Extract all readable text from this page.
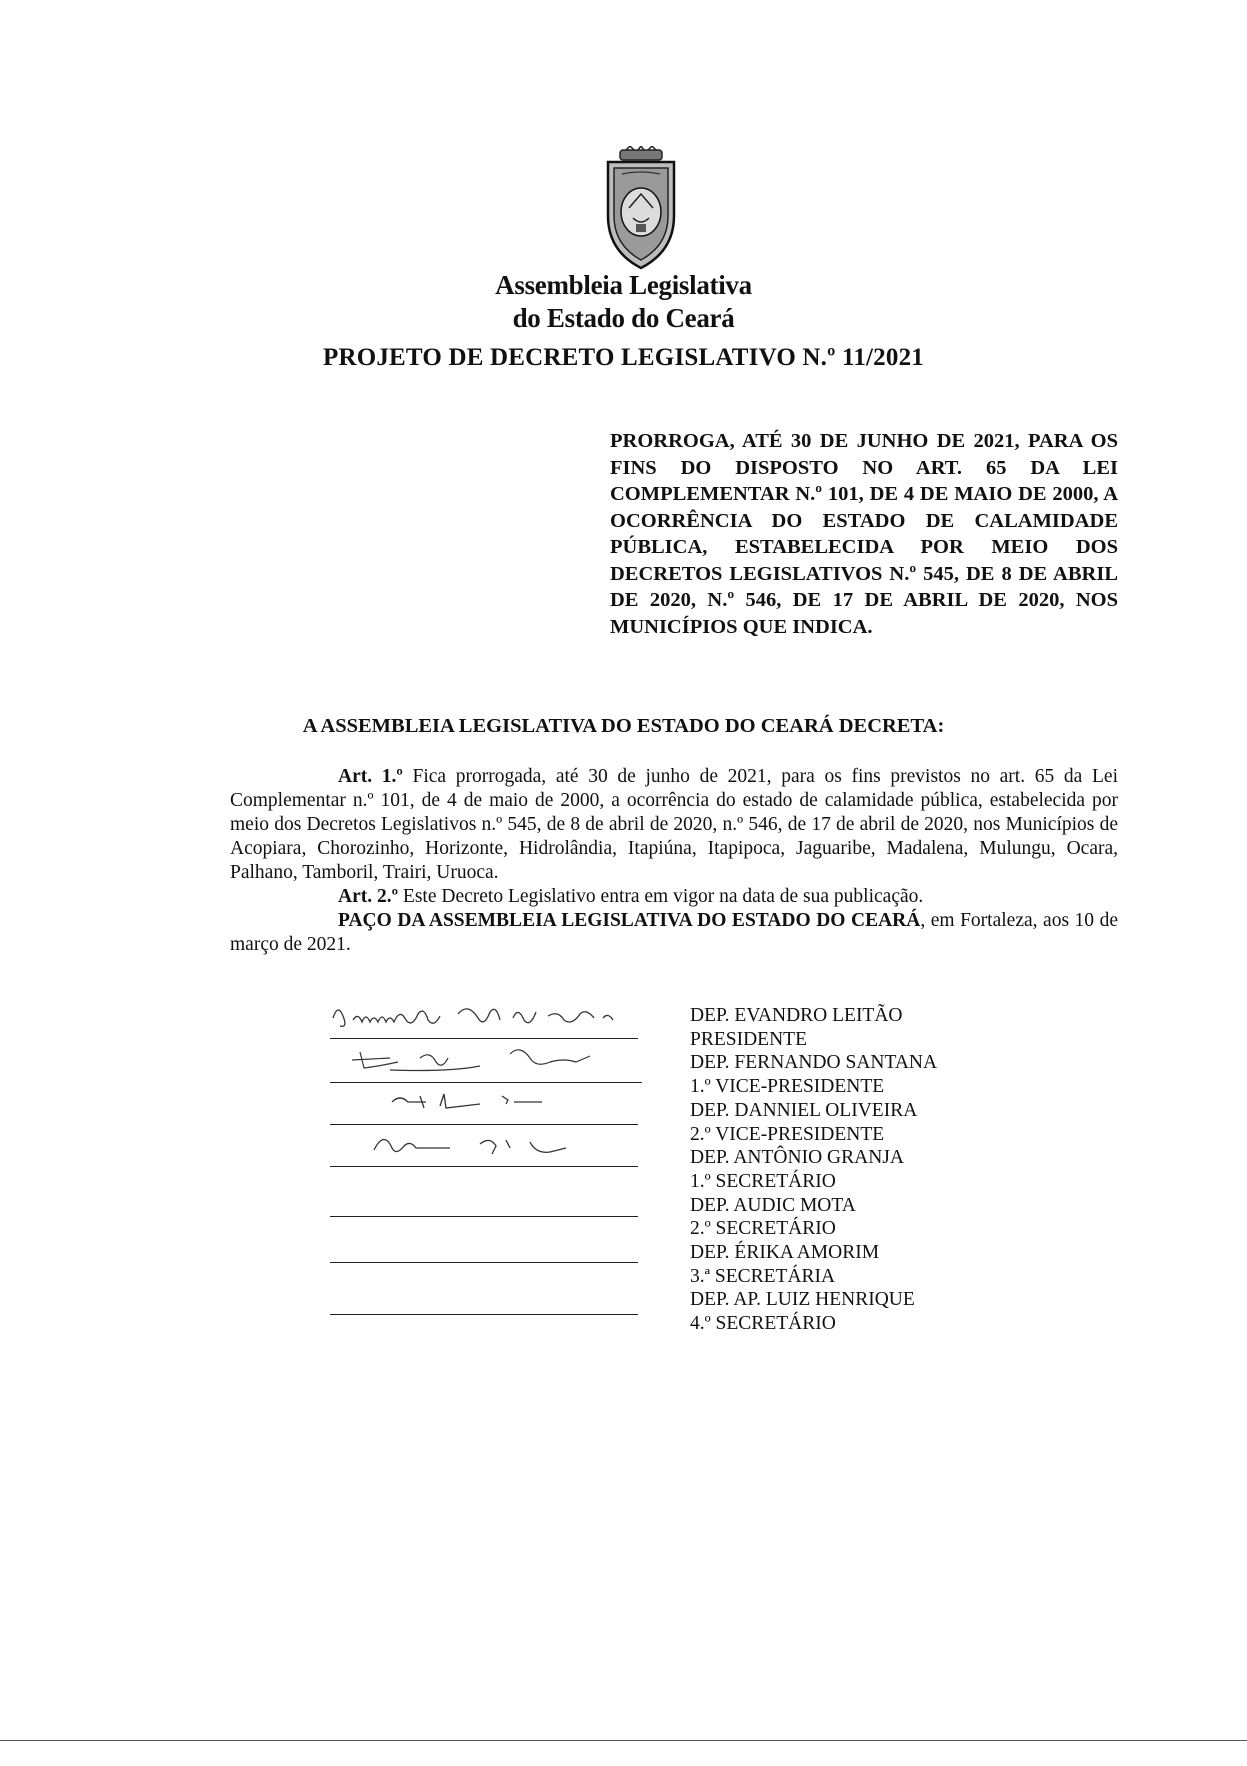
Assembleia Legislativa
do Estado do Ceará
PROJETO DE DECRETO LEGISLATIVO N.º 11/2021
PRORROGA, ATÉ 30 DE JUNHO DE 2021, PARA OS FINS DO DISPOSTO NO ART. 65 DA LEI COMPLEMENTAR N.º 101, DE 4 DE MAIO DE 2000, A OCORRÊNCIA DO ESTADO DE CALAMIDADE PÚBLICA, ESTABELECIDA POR MEIO DOS DECRETOS LEGISLATIVOS N.º 545, DE 8 DE ABRIL DE 2020, N.º 546, DE 17 DE ABRIL DE 2020, NOS MUNICÍPIOS QUE INDICA.
A ASSEMBLEIA LEGISLATIVA DO ESTADO DO CEARÁ DECRETA:

Art. 1.º Fica prorrogada, até 30 de junho de 2021, para os fins previstos no art. 65 da Lei Complementar n.º 101, de 4 de maio de 2000, a ocorrência do estado de calamidade pública, estabelecida por meio dos Decretos Legislativos n.º 545, de 8 de abril de 2020, n.º 546, de 17 de abril de 2020, nos Municípios de Acopiara, Chorozinho, Horizonte, Hidrolândia, Itapiúna, Itapipoca, Jaguaribe, Madalena, Mulungu, Ocara, Palhano, Tamboril, Trairi, Uruoca.

Art. 2.º Este Decreto Legislativo entra em vigor na data de sua publicação.

PAÇO DA ASSEMBLEIA LEGISLATIVA DO ESTADO DO CEARÁ, em Fortaleza, aos 10 de março de 2021.

DEP. EVANDRO LEITÃO
PRESIDENTE
DEP. FERNANDO SANTANA
1.º VICE-PRESIDENTE
DEP. DANNIEL OLIVEIRA
2.º VICE-PRESIDENTE
DEP. ANTÔNIO GRANJA
1.º SECRETÁRIO
DEP. AUDIC MOTA
2.º SECRETÁRIO
DEP. ÉRIKA AMORIM
3.ª SECRETÁRIA
DEP. AP. LUIZ HENRIQUE
4.º SECRETÁRIO
